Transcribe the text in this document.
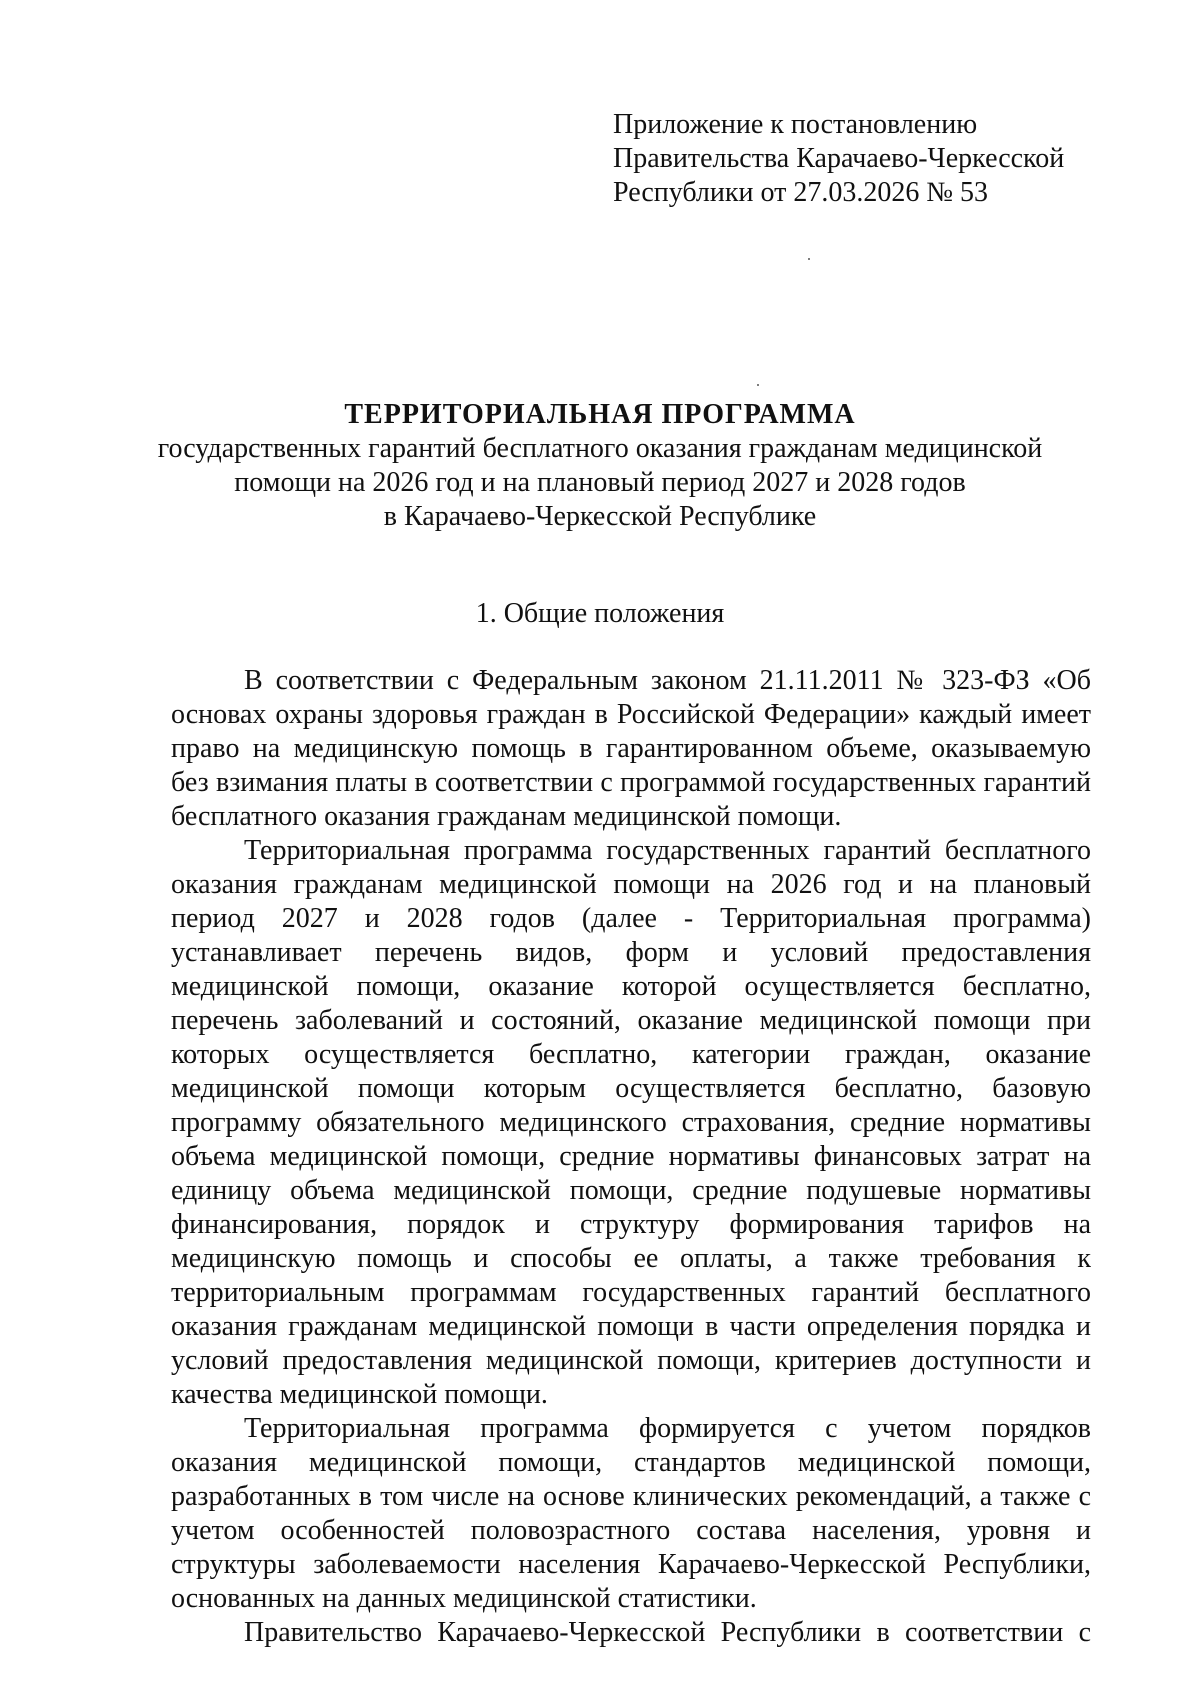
Приложение к постановлению
Правительства Карачаево-Черкесской
Республики от 27.03.2026 № 53
ТЕРРИТОРИАЛЬНАЯ ПРОГРАММА
государственных гарантий бесплатного оказания гражданам медицинской
помощи на 2026 год и на плановый период 2027 и 2028 годов
в Карачаево-Черкесской Республике
1. Общие положения
В соответствии с Федеральным законом 21.11.2011 № 323-ФЗ «Об
основах охраны здоровья граждан в Российской Федерации» каждый имеет
право на медицинскую помощь в гарантированном объеме, оказываемую
без взимания платы в соответствии с программой государственных гарантий
бесплатного оказания гражданам медицинской помощи.
Территориальная программа государственных гарантий бесплатного
оказания гражданам медицинской помощи на 2026 год и на плановый
период 2027 и 2028 годов (далее - Территориальная программа)
устанавливает перечень видов, форм и условий предоставления
медицинской помощи, оказание которой осуществляется бесплатно,
перечень заболеваний и состояний, оказание медицинской помощи при
которых осуществляется бесплатно, категории граждан, оказание
медицинской помощи которым осуществляется бесплатно, базовую
программу обязательного медицинского страхования, средние нормативы
объема медицинской помощи, средние нормативы финансовых затрат на
единицу объема медицинской помощи, средние подушевые нормативы
финансирования, порядок и структуру формирования тарифов на
медицинскую помощь и способы ее оплаты, а также требования к
территориальным программам государственных гарантий бесплатного
оказания гражданам медицинской помощи в части определения порядка и
условий предоставления медицинской помощи, критериев доступности и
качества медицинской помощи.
Территориальная программа формируется с учетом порядков
оказания медицинской помощи, стандартов медицинской помощи,
разработанных в том числе на основе клинических рекомендаций, а также с
учетом особенностей половозрастного состава населения, уровня и
структуры заболеваемости населения Карачаево-Черкесской Республики,
основанных на данных медицинской статистики.
Правительство Карачаево-Черкесской Республики в соответствии с
